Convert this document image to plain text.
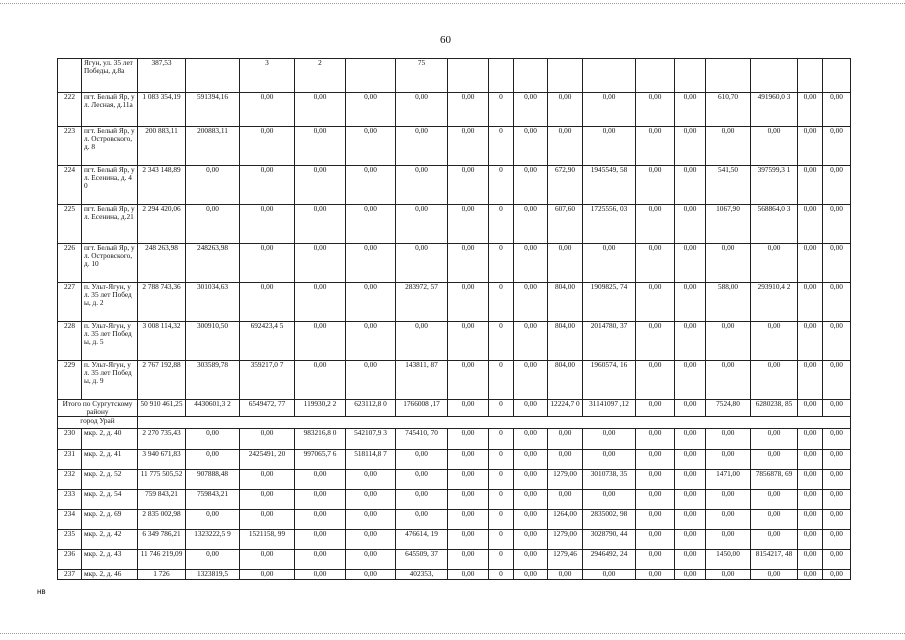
60
	Ягун, ул. 35 лет Победы, д.8а	387,53		3	2		75											
222	пгт. Белый Яр, ул. Лесная, д.11а	1 083 354,19	591394,16	0,00	0,00	0,00	0,00	0,00	0	0,00	0,00	0,00	0,00	0,00	610,70	491960,0 3	0,00	0,00
223	пгт. Белый Яр, ул. Островского, д. 8	200 883,11	200883,11	0,00	0,00	0,00	0,00	0,00	0	0,00	0,00	0,00	0,00	0,00	0,00	0,00	0,00	0,00
224	пгт. Белый Яр, ул. Есенина, д. 40	2 343 148,89	0,00	0,00	0,00	0,00	0,00	0,00	0	0,00	672,90	1945549, 58	0,00	0,00	541,50	397599,3 1	0,00	0,00
225	пгт. Белый Яр, ул. Есенина, д.21	2 294 420,06	0,00	0,00	0,00	0,00	0,00	0,00	0	0,00	607,60	1725556, 03	0,00	0,00	1067,90	568864,0 3	0,00	0,00
226	пгт. Белый Яр, ул. Островского, д. 10	248 263,98	248263,98	0,00	0,00	0,00	0,00	0,00	0	0,00	0,00	0,00	0,00	0,00	0,00	0,00	0,00	0,00
227	п. Ульт-Ягун, ул. 35 лет Победы, д. 2	2 788 743,36	301034,63	0,00	0,00	0,00	283972, 57	0,00	0	0,00	804,00	1909825, 74	0,00	0,00	588,00	293910,4 2	0,00	0,00
228	п. Ульт-Ягун, ул. 35 лет Победы, д. 5	3 008 114,32	300910,50	692423,4 5	0,00	0,00	0,00	0,00	0	0,00	804,00	2014780, 37	0,00	0,00	0,00	0,00	0,00	0,00
229	п. Ульт-Ягун, ул. 35 лет Победы, д. 9	2 767 192,88	303589,78	359217,0 7	0,00	0,00	143811, 87	0,00	0	0,00	804,00	1960574, 16	0,00	0,00	0,00	0,00	0,00	0,00
Итого по Сургутскому району		50 910 461,25	4430601,3 2	6549472, 77	119930,2 2	623112,8 0	1766008 ,17	0,00	0	0,00	12224,7 0	31141097 ,12	0,00	0,00	7524,80	6280238, 85	0,00	0,00
город Урай																		
230	мкр. 2, д. 40	2 270 735,43	0,00	0,00	983216,8 0	542107,9 3	745410, 70	0,00	0	0,00	0,00	0,00	0,00	0,00	0,00	0,00	0,00	0,00
231	мкр. 2, д. 41	3 940 671,83	0,00	2425491, 20	997065,7 6	518114,8 7	0,00	0,00	0	0,00	0,00	0,00	0,00	0,00	0,00	0,00	0,00	0,00
232	мкр. 2, д. 52	11 775 505,52	907888,48	0,00	0,00	0,00	0,00	0,00	0	0,00	1279,00	3010738, 35	0,00	0,00	1471,00	7856878, 69	0,00	0,00
233	мкр. 2, д. 54	759 843,21	759843,21	0,00	0,00	0,00	0,00	0,00	0	0,00	0,00	0,00	0,00	0,00	0,00	0,00	0,00	0,00
234	мкр. 2, д. 69	2 835 002,98	0,00	0,00	0,00	0,00	0,00	0,00	0	0,00	1264,00	2835002, 98	0,00	0,00	0,00	0,00	0,00	0,00
235	мкр. 2, д. 42	6 349 786,21	1323222,5 9	1521158, 99	0,00	0,00	476614, 19	0,00	0	0,00	1279,00	3028790, 44	0,00	0,00	0,00	0,00	0,00	0,00
236	мкр. 2, д. 43	11 746 219,09	0,00	0,00	0,00	0,00	645509, 37	0,00	0	0,00	1279,46	2946492, 24	0,00	0,00	1450,00	8154217, 48	0,00	0,00
237	мкр. 2, д. 46	1 726	1323819,5	0,00	0,00	0,00	402353,	0,00	0	0,00	0,00	0,00	0,00	0,00	0,00	0,00	0,00	0,00
нв
